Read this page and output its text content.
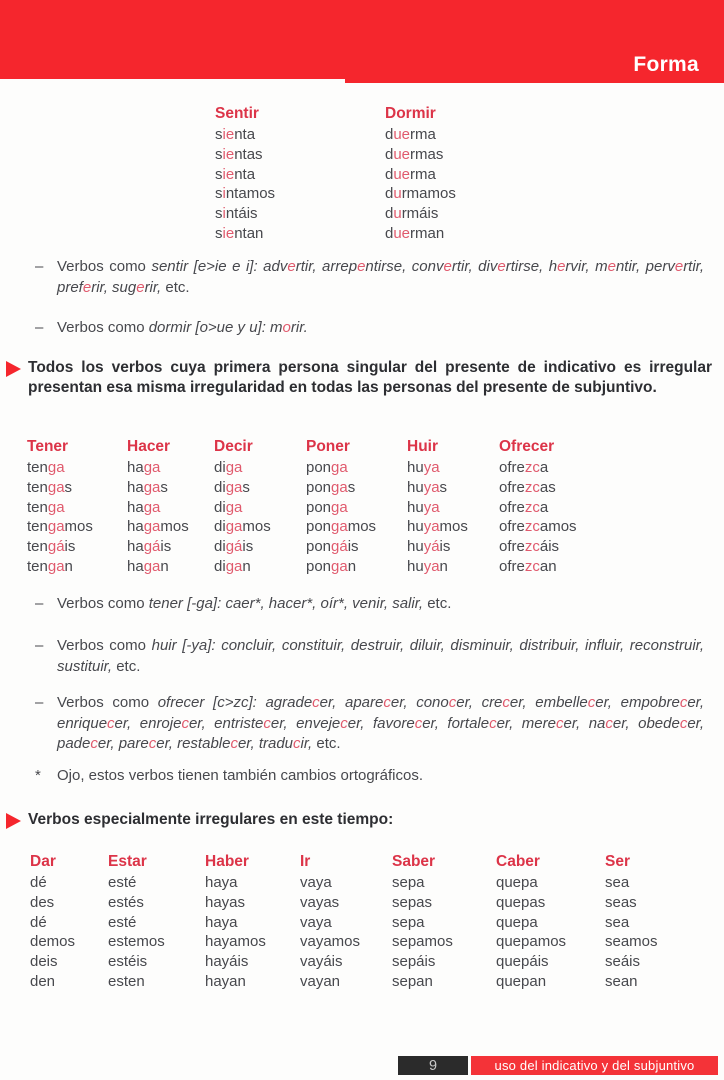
Forma
Sentir
sienta
sientas
sienta
sintamos
sintáis
sientan
Dormir
duerma
duermas
duerma
durmamos
durmáis
duerman
– Verbos como sentir [e>ie e i]: advertir, arrepentirse, convertir, divertirse, hervir, mentir, pervertir, preferir, sugerir, etc.
– Verbos como dormir [o>ue y u]: morir.
Todos los verbos cuya primera persona singular del presente de indicativo es irregular presentan esa misma irregularidad en todas las personas del presente de subjuntivo.
Tener
tenga
tengas
tenga
tengamos
tengáis
tengan
Hacer
haga
hagas
haga
hagamos
hagáis
hagan
Decir
diga
digas
diga
digamos
digáis
digan
Poner
ponga
pongas
ponga
pongamos
pongáis
pongan
Huir
huya
huyas
huya
huyamos
huyáis
huyan
Ofrecer
ofrezca
ofrezcas
ofrezca
ofrezcamos
ofrezcáis
ofrezcan
– Verbos como tener [-ga]: caer*, hacer*, oír*, venir, salir, etc.
– Verbos como huir [-ya]: concluir, constituir, destruir, diluir, disminuir, distribuir, influir, reconstruir, sustituir, etc.
– Verbos como ofrecer [c>zc]: agradecer, aparecer, conocer, crecer, embellecer, empobrecer, enriquecer, enrojecer, entristecer, envejecer, favorecer, fortalecer, merecer, nacer, obedecer, padecer, parecer, restablecer, traducir, etc.
*	Ojo, estos verbos tienen también cambios ortográficos.
Verbos especialmente irregulares en este tiempo:
Dar
dé
des
dé
demos
deis
den
Estar
esté
estés
esté
estemos
estéis
esten
Haber
haya
hayas
haya
hayamos
hayáis
hayan
Ir
vaya
vayas
vaya
vayamos
vayáis
vayan
Saber
sepa
sepas
sepa
sepamos
sepáis
sepan
Caber
quepa
quepas
quepa
quepamos
quepáis
quepan
Ser
sea
seas
sea
seamos
seáis
sean
9	uso del indicativo y del subjuntivo
